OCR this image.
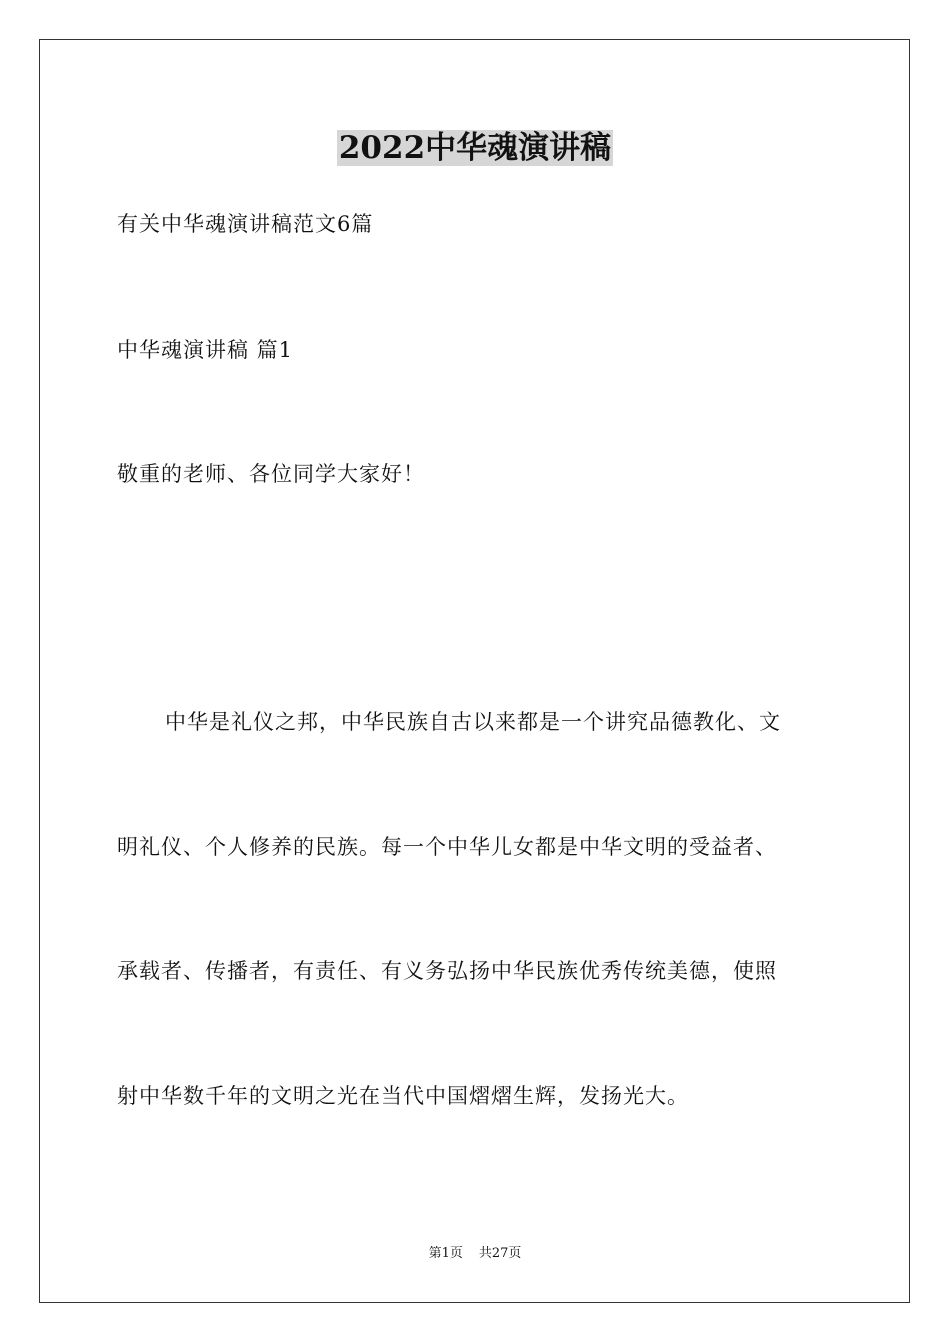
2022中华魂演讲稿
有关中华魂演讲稿范文6篇
中华魂演讲稿 篇1
敬重的老师、各位同学大家好！
中华是礼仪之邦，中华民族自古以来都是一个讲究品德教化、文
明礼仪、个人修养的民族。每一个中华儿女都是中华文明的受益者、
承载者、传播者，有责任、有义务弘扬中华民族优秀传统美德，使照
射中华数千年的文明之光在当代中国熠熠生辉，发扬光大。
第1页 共27页
